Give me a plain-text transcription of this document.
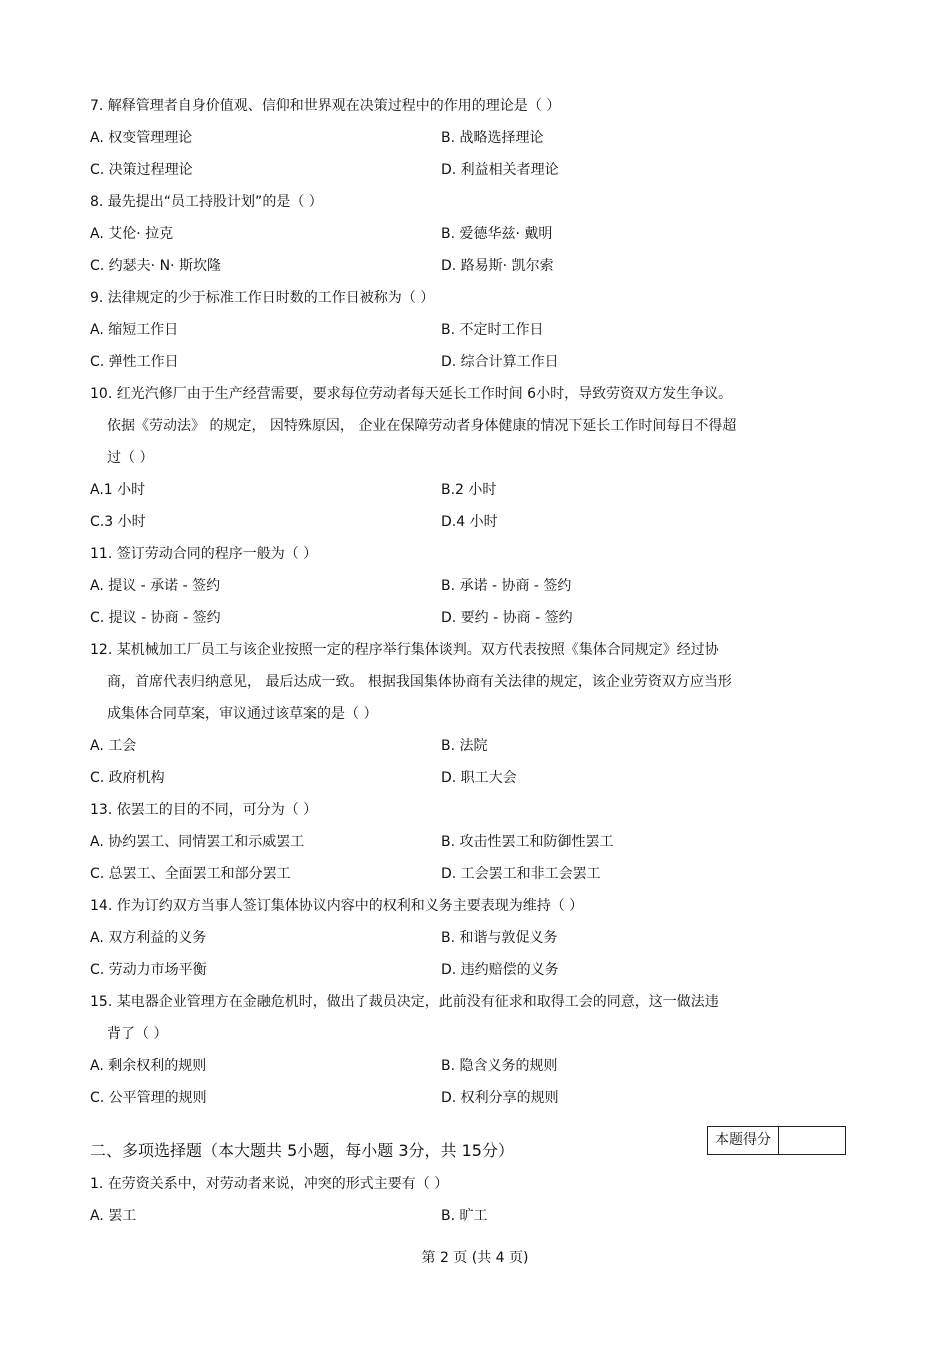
7. 解释管理者自身价值观、信仰和世界观在决策过程中的作用的理论是（ ）
A. 权变管理理论	B. 战略选择理论
C. 决策过程理论	D. 利益相关者理论
8. 最先提出“员工持股计划”的是（ ）
A. 艾伦· 拉克	B. 爱德华兹· 戴明
C. 约瑟夫· N· 斯坎隆	D. 路易斯· 凯尔索
9. 法律规定的少于标准工作日时数的工作日被称为（ ）
A. 缩短工作日	B. 不定时工作日
C. 弹性工作日	D. 综合计算工作日
10. 红光汽修厂由于生产经营需要，要求每位劳动者每天延长工作时间 6小时，导致劳资双方发生争议。
依据《劳动法》 的规定， 因特殊原因， 企业在保障劳动者身体健康的情况下延长工作时间每日不得超
过（ ）
A.1 小时	B.2 小时
C.3 小时	D.4 小时
11. 签订劳动合同的程序一般为（ ）
A. 提议 - 承诺 - 签约	B. 承诺 - 协商 - 签约
C. 提议 - 协商 - 签约	D. 要约 - 协商 - 签约
12. 某机械加工厂员工与该企业按照一定的程序举行集体谈判。双方代表按照《集体合同规定》经过协
商，首席代表归纳意见， 最后达成一致。 根据我国集体协商有关法律的规定，该企业劳资双方应当形
成集体合同草案，审议通过该草案的是（ ）
A. 工会	B. 法院
C. 政府机构	D. 职工大会
13. 依罢工的目的不同，可分为（ ）
A. 协约罢工、同情罢工和示威罢工	B. 攻击性罢工和防御性罢工
C. 总罢工、全面罢工和部分罢工	D. 工会罢工和非工会罢工
14. 作为订约双方当事人签订集体协议内容中的权利和义务主要表现为维持（ ）
A. 双方利益的义务	B. 和谐与敦促义务
C. 劳动力市场平衡	D. 违约赔偿的义务
15. 某电器企业管理方在金融危机时，做出了裁员决定，此前没有征求和取得工会的同意，这一做法违
背了（ ）
A. 剩余权利的规则	B. 隐含义务的规则
C. 公平管理的规则	D. 权利分享的规则
二、多项选择题（本大题共 5小题，每小题 3分，共 15分）
本题得分
1. 在劳资关系中，对劳动者来说，冲突的形式主要有（ ）
A. 罢工	B. 旷工
第 2 页 (共 4 页)
